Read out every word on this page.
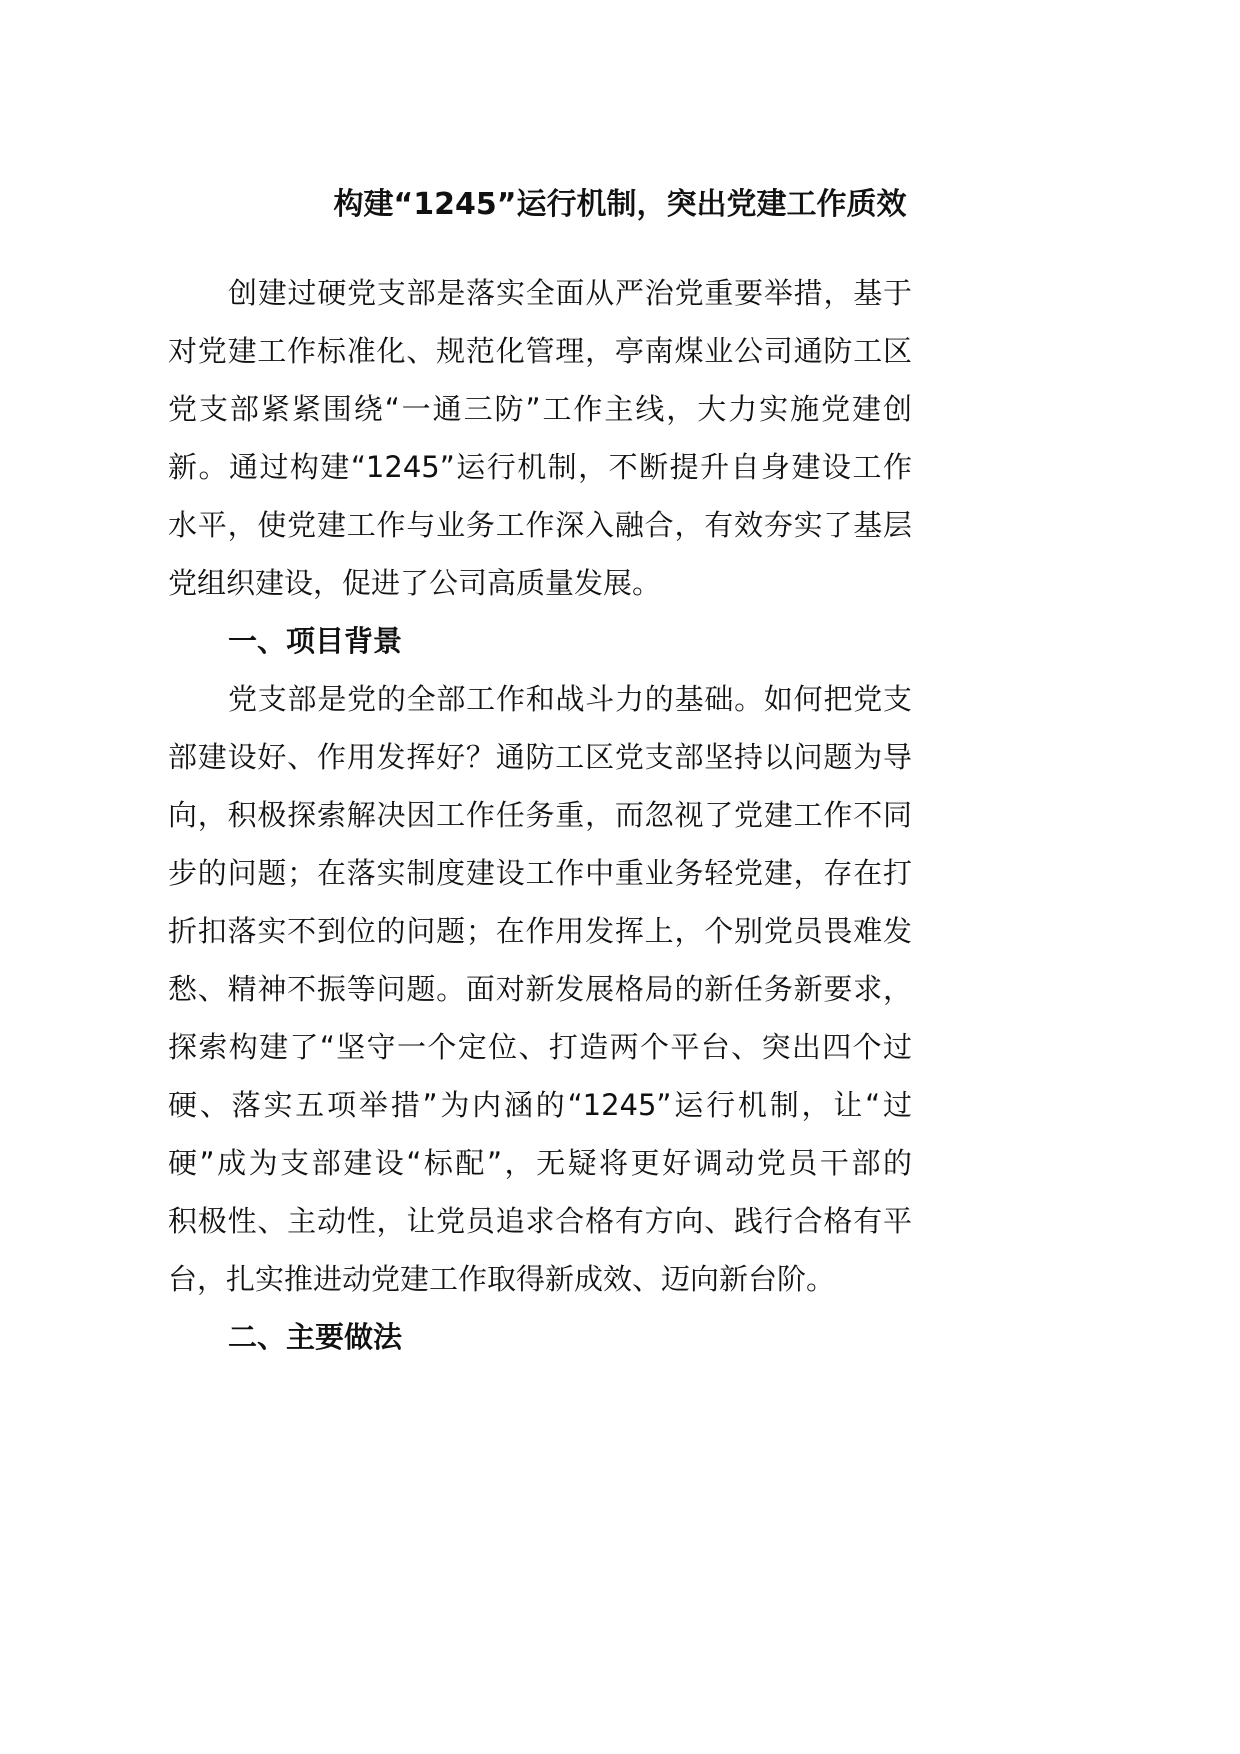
构建“1245”运行机制，突出党建工作质效
创建过硬党支部是落实全面从严治党重要举措，基于
对党建工作标准化、规范化管理，亭南煤业公司通防工区
党支部紧紧围绕“一通三防”工作主线，大力实施党建创
新。通过构建“1245”运行机制，不断提升自身建设工作
水平，使党建工作与业务工作深入融合，有效夯实了基层
党组织建设，促进了公司高质量发展。
一、项目背景
党支部是党的全部工作和战斗力的基础。如何把党支
部建设好、作用发挥好？通防工区党支部坚持以问题为导
向，积极探索解决因工作任务重，而忽视了党建工作不同
步的问题；在落实制度建设工作中重业务轻党建，存在打
折扣落实不到位的问题；在作用发挥上，个别党员畏难发
愁、精神不振等问题。面对新发展格局的新任务新要求，
探索构建了“坚守一个定位、打造两个平台、突出四个过
硬、落实五项举措”为内涵的“1245”运行机制，让“过
硬”成为支部建设“标配”，无疑将更好调动党员干部的
积极性、主动性，让党员追求合格有方向、践行合格有平
台，扎实推进动党建工作取得新成效、迈向新台阶。
二、主要做法
